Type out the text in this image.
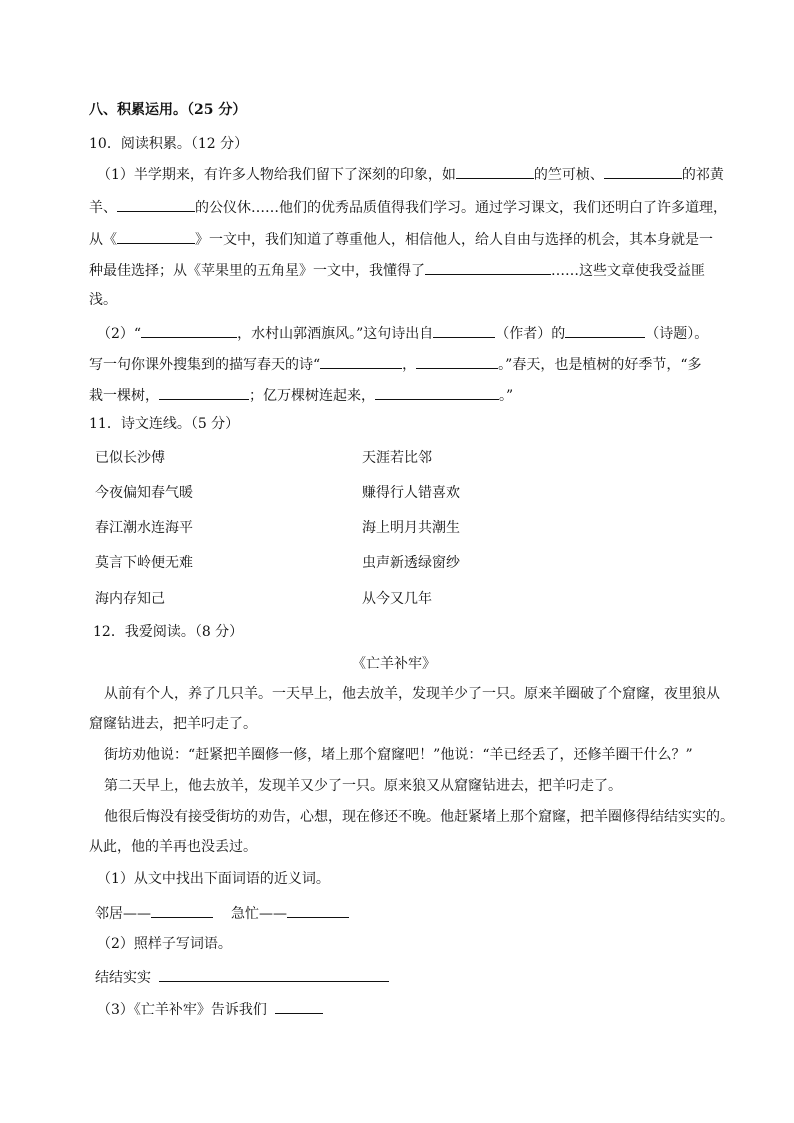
八、积累运用。（25 分）
10．阅读积累。（12 分）
（1）半学期来，有许多人物给我们留下了深刻的印象，如	的竺可桢、	的祁黄
羊、	的公仪休……他们的优秀品质值得我们学习。通过学习课文，我们还明白了许多道理，
从《	》一文中，我们知道了尊重他人，相信他人，给人自由与选择的机会，其本身就是一
种最佳选择；从《苹果里的五角星》一文中，我懂得了	……这些文章使我受益匪
浅。
（2）“	，水村山郭酒旗风。”这句诗出自	（作者）的	（诗题）。
写一句你课外搜集到的描写春天的诗“	，	。”春天，也是植树的好季节，“多
栽一棵树，	；亿万棵树连起来，	。”
11．诗文连线。（5 分）
已似长沙傅	天涯若比邻
今夜偏知春气暖	赚得行人错喜欢
春江潮水连海平	海上明月共潮生
莫言下岭便无难	虫声新透绿窗纱
海内存知己	从今又几年
12．我爱阅读。（8 分）
《亡羊补牢》
从前有个人，养了几只羊。一天早上，他去放羊，发现羊少了一只。原来羊圈破了个窟窿，夜里狼从
窟窿钻进去，把羊叼走了。
街坊劝他说：“赶紧把羊圈修一修，堵上那个窟窿吧！”他说：“羊已经丢了，还修羊圈干什么？”
第二天早上，他去放羊，发现羊又少了一只。原来狼又从窟窿钻进去，把羊叼走了。
他很后悔没有接受街坊的劝告，心想，现在修还不晚。他赶紧堵上那个窟窿，把羊圈修得结结实实的。
从此，他的羊再也没丢过。
（1）从文中找出下面词语的近义词。
邻居——	急忙——
（2）照样子写词语。
结结实实
（3）《亡羊补牢》告诉我们
